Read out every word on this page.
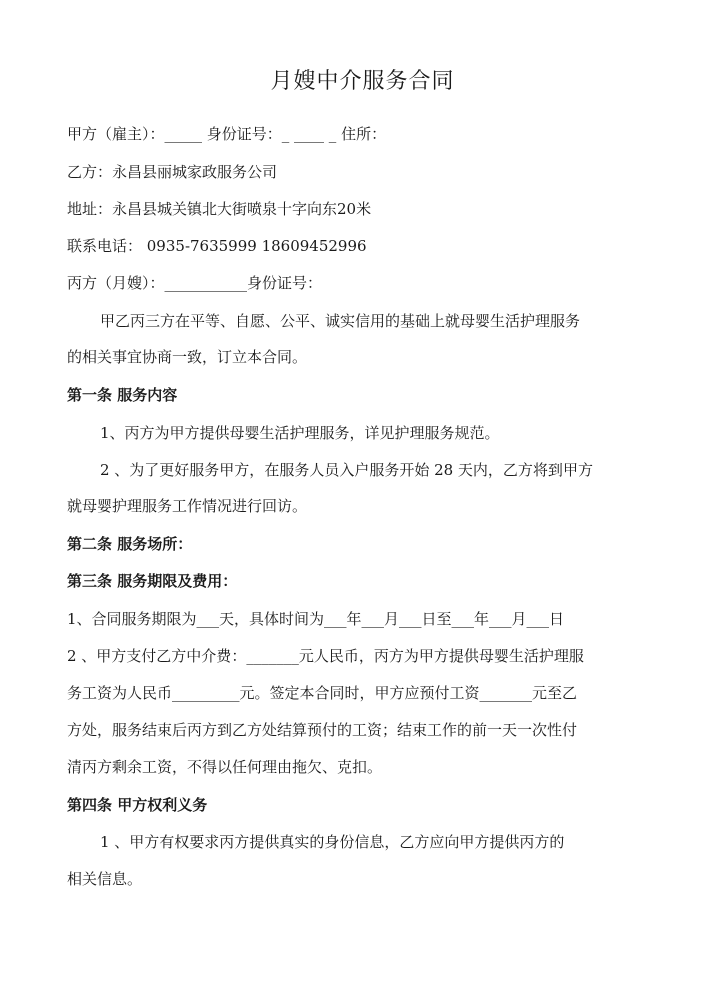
月嫂中介服务合同
甲方（雇主）：_____ 身份证号：_ ____ _ 住所：
乙方：永昌县丽城家政服务公司
地址：永昌县城关镇北大街喷泉十字向东20米
联系电话： 0935-7635999 18609452996
丙方（月嫂）：___________身份证号：
甲乙丙三方在平等、自愿、公平、诚实信用的基础上就母婴生活护理服务
的相关事宜协商一致，订立本合同。
第一条 服务内容
1、丙方为甲方提供母婴生活护理服务，详见护理服务规范。
2 、为了更好服务甲方，在服务人员入户服务开始 28 天内，乙方将到甲方
就母婴护理服务工作情况进行回访。
第二条 服务场所：
第三条 服务期限及费用：
1、合同服务期限为___天，具体时间为___年___月___日至___年___月___日
2 、甲方支付乙方中介费：_______元人民币，丙方为甲方提供母婴生活护理服
务工资为人民币_________元。签定本合同时，甲方应预付工资_______元至乙
方处，服务结束后丙方到乙方处结算预付的工资；结束工作的前一天一次性付
清丙方剩余工资，不得以任何理由拖欠、克扣。
第四条 甲方权利义务
1 、甲方有权要求丙方提供真实的身份信息，乙方应向甲方提供丙方的
相关信息。
